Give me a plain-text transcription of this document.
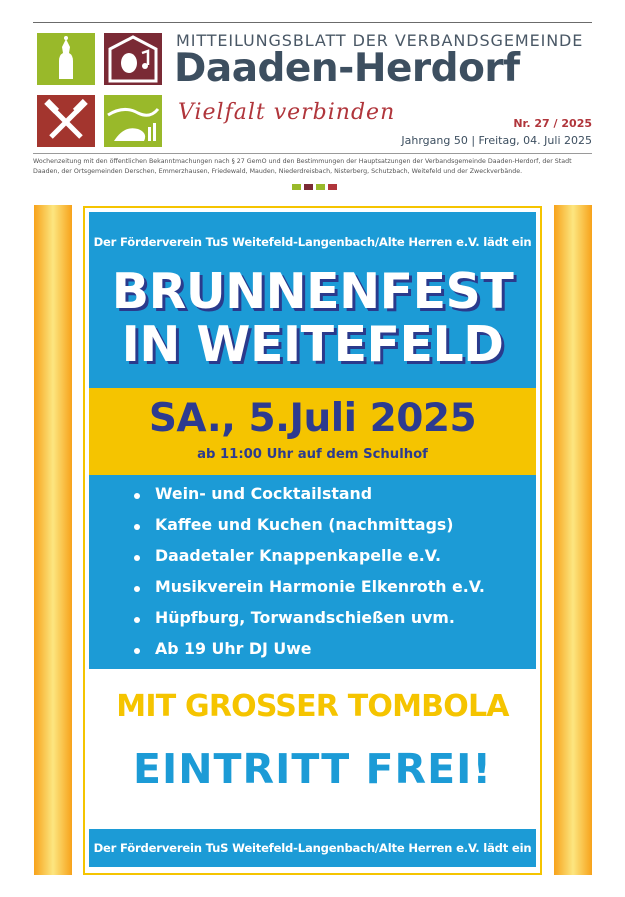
MITTEILUNGSBLATT DER VERBANDSGEMEINDE
Daaden-Herdorf
Vielfalt verbinden	Nr. 27 / 2025
Jahrgang 50 | Freitag, 04. Juli 2025
Wochenzeitung mit den öffentlichen Bekanntmachungen nach § 27 GemO und den Bestimmungen der Hauptsatzungen der Verbandsgemeinde Daaden-Herdorf, der Stadt Daaden, der Ortsgemeinden Derschen, Emmerzhausen, Friedewald, Mauden, Niederdreisbach, Nisterberg, Schutzbach, Weitefeld und der Zweckverbände.
Der Förderverein TuS Weitefeld-Langenbach/Alte Herren e.V. lädt ein
BRUNNENFEST
IN WEITEFELD
SA., 5.Juli 2025
ab 11:00 Uhr auf dem Schulhof
Wein- und Cocktailstand
Kaffee und Kuchen (nachmittags)
Daadetaler Knappenkapelle e.V.
Musikverein Harmonie Elkenroth e.V.
Hüpfburg, Torwandschießen uvm.
Ab 19 Uhr DJ Uwe
MIT GROSSER TOMBOLA
EINTRITT FREI!
Der Förderverein TuS Weitefeld-Langenbach/Alte Herren e.V. lädt ein
